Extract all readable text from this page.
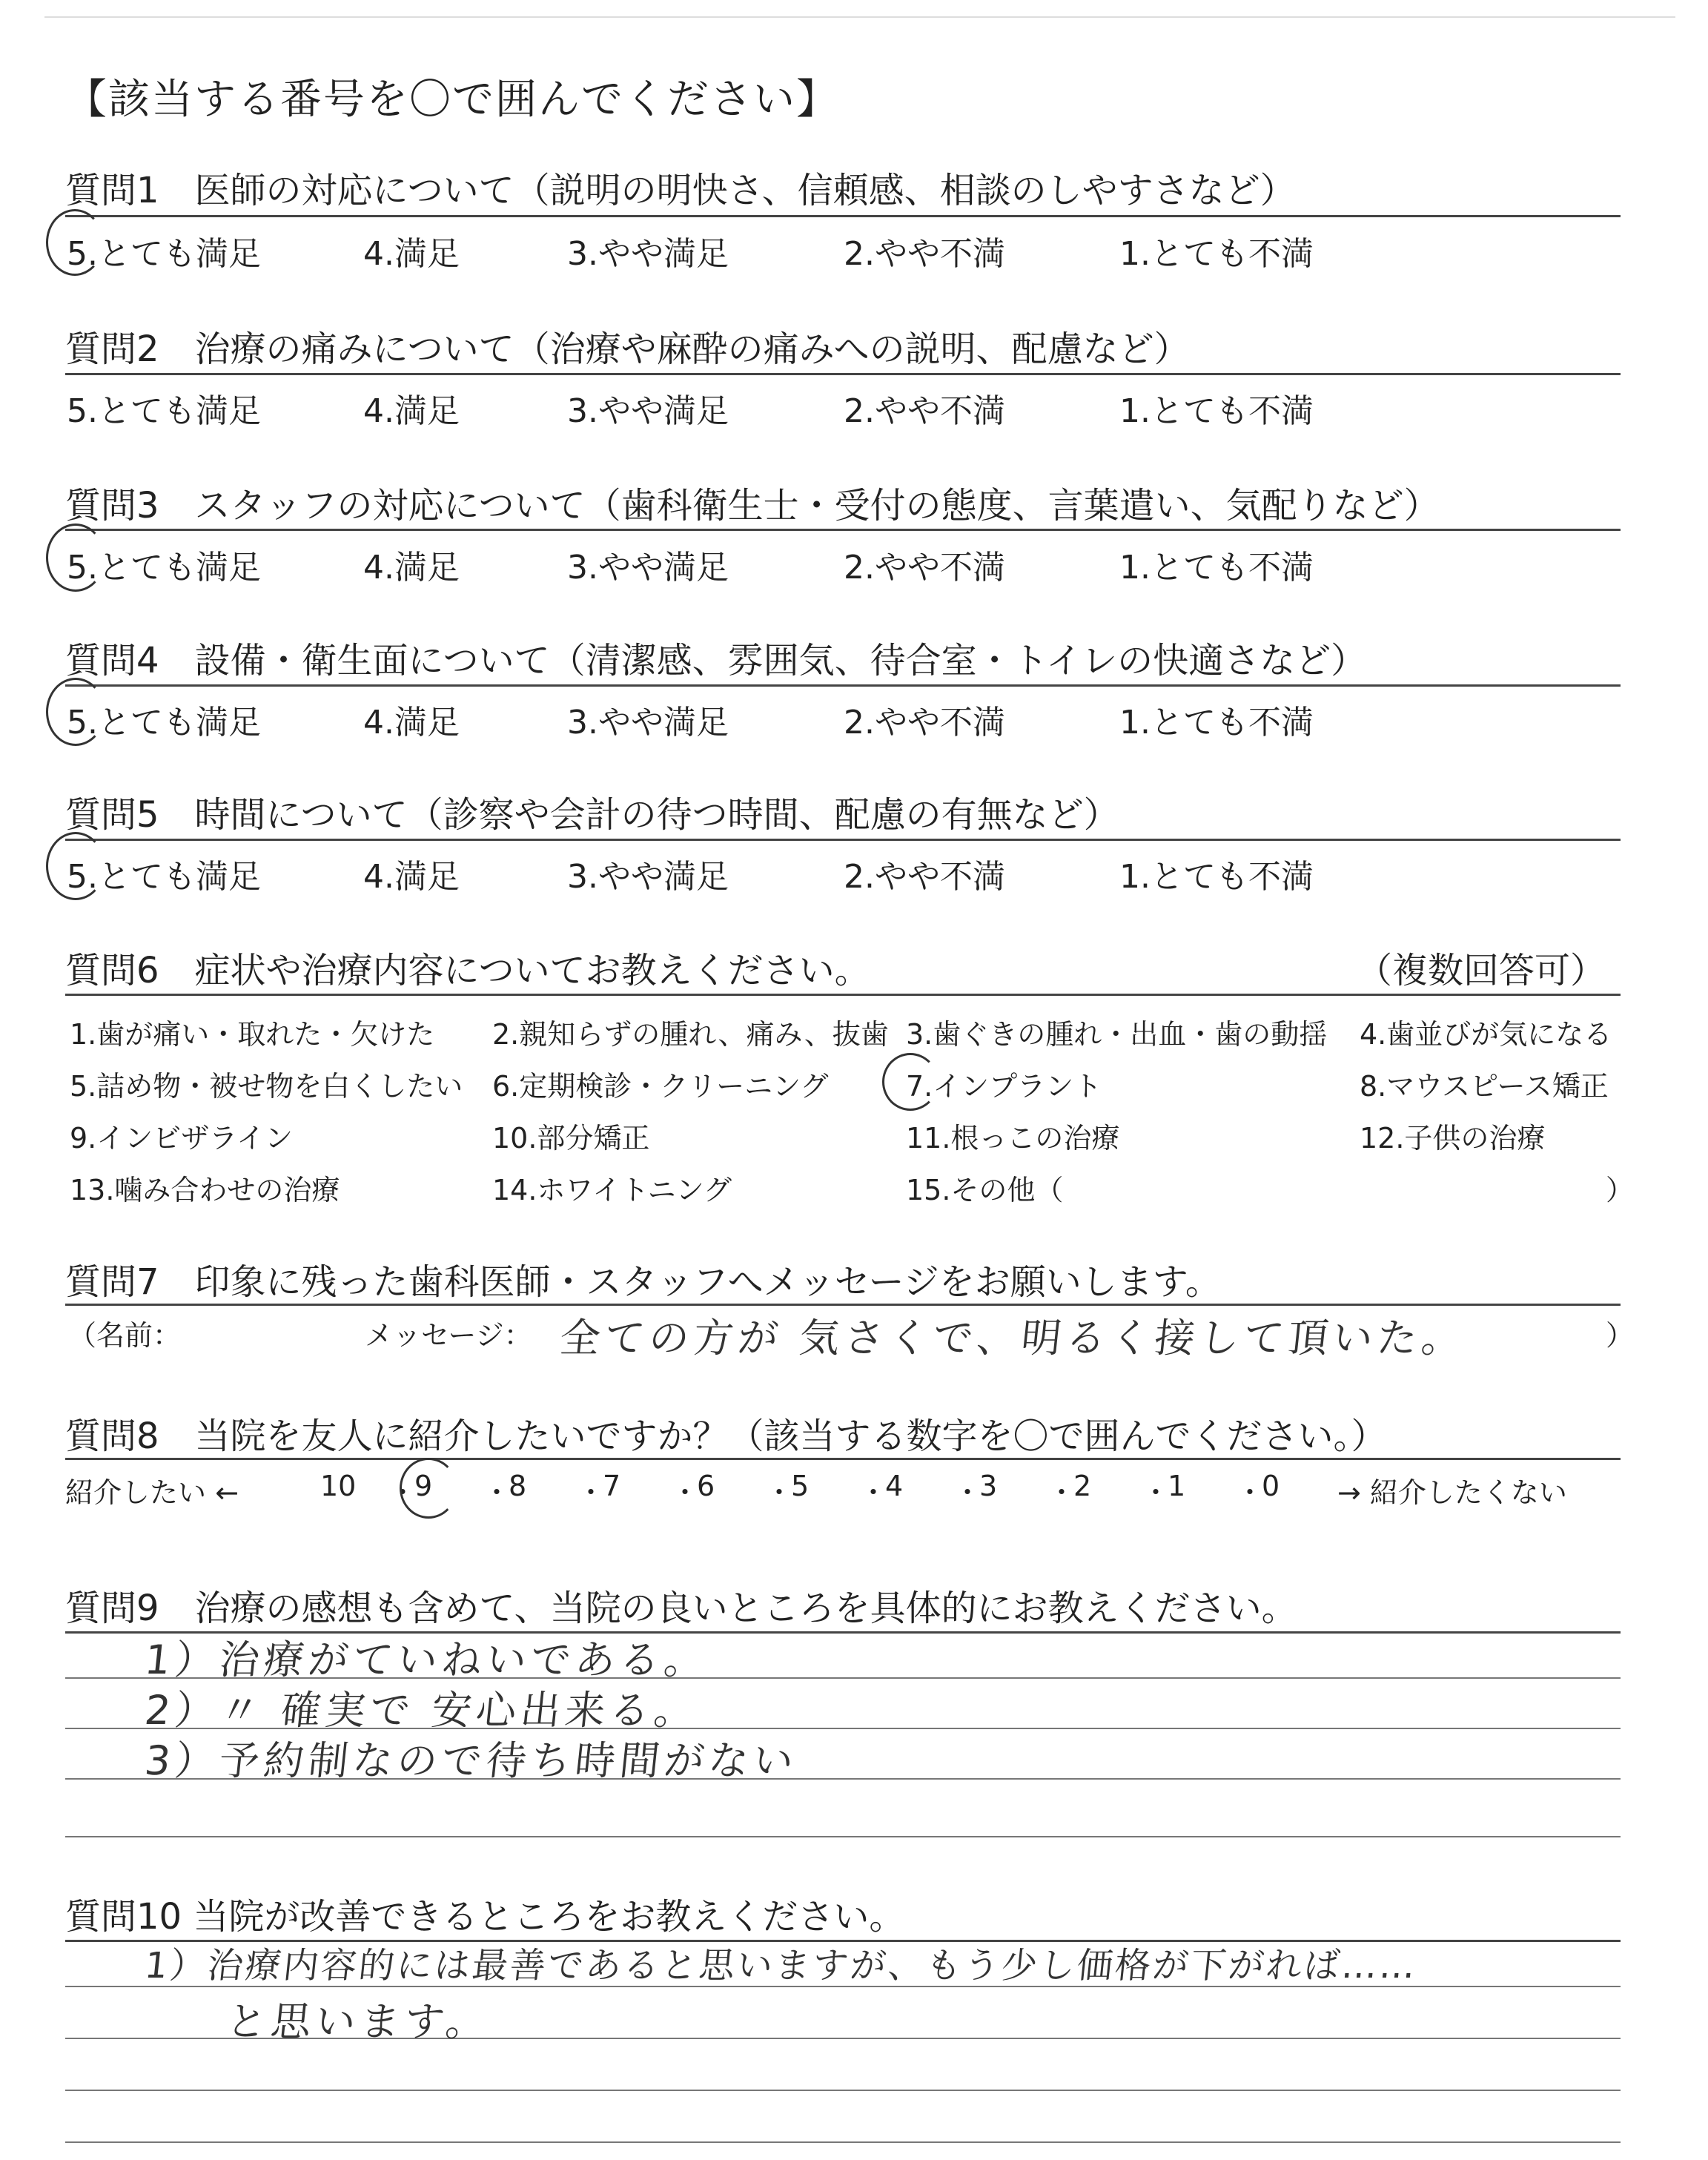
【該当する番号を〇で囲んでください】
質問1　医師の対応について（説明の明快さ、信頼感、相談のしやすさなど）
5.とても満足	4.満足	3.やや満足	2.やや不満	1.とても不満
質問2　治療の痛みについて（治療や麻酔の痛みへの説明、配慮など）
5.とても満足	4.満足	3.やや満足	2.やや不満	1.とても不満
質問3　スタッフの対応について（歯科衛生士・受付の態度、言葉遣い、気配りなど）
5.とても満足	4.満足	3.やや満足	2.やや不満	1.とても不満
質問4　設備・衛生面について（清潔感、雰囲気、待合室・トイレの快適さなど）
5.とても満足	4.満足	3.やや満足	2.やや不満	1.とても不満
質問5　時間について（診察や会計の待つ時間、配慮の有無など）
5.とても満足	4.満足	3.やや満足	2.やや不満	1.とても不満
質問6　症状や治療内容についてお教えください。	（複数回答可）
1.歯が痛い・取れた・欠けた 2.親知らずの腫れ、痛み、抜歯 3.歯ぐきの腫れ・出血・歯の動揺 4.歯並びが気になる
5.詰め物・被せ物を白くしたい 6.定期検診・クリーニング	7.インプラント	8.マウスピース矯正
9.インビザライン	10.部分矯正	11.根っこの治療	12.子供の治療
13.噛み合わせの治療	14.ホワイトニング	15.その他（	）
質問7　印象に残った歯科医師・スタッフへメッセージをお願いします。
（名前：	メッセージ： 全ての方が 気さくで、明るく接して頂いた。	）
質問8　当院を友人に紹介したいですか？（該当する数字を〇で囲んでください。）
紹介したい ←	→ 紹介したくない
10 ・
9 ・
8 ・
7 ・
6 ・
5 ・
4 ・
3 ・
2 ・
1 ・
0
質問9　治療の感想も含めて、当院の良いところを具体的にお教えください。
1）治療がていねいである。
2）〃 確実で 安心出来る。
3）予約制なので待ち時間がない
質問10 当院が改善できるところをお教えください。
1）治療内容的には最善であると思いますが、もう少し価格が下がれば……
と思います。
